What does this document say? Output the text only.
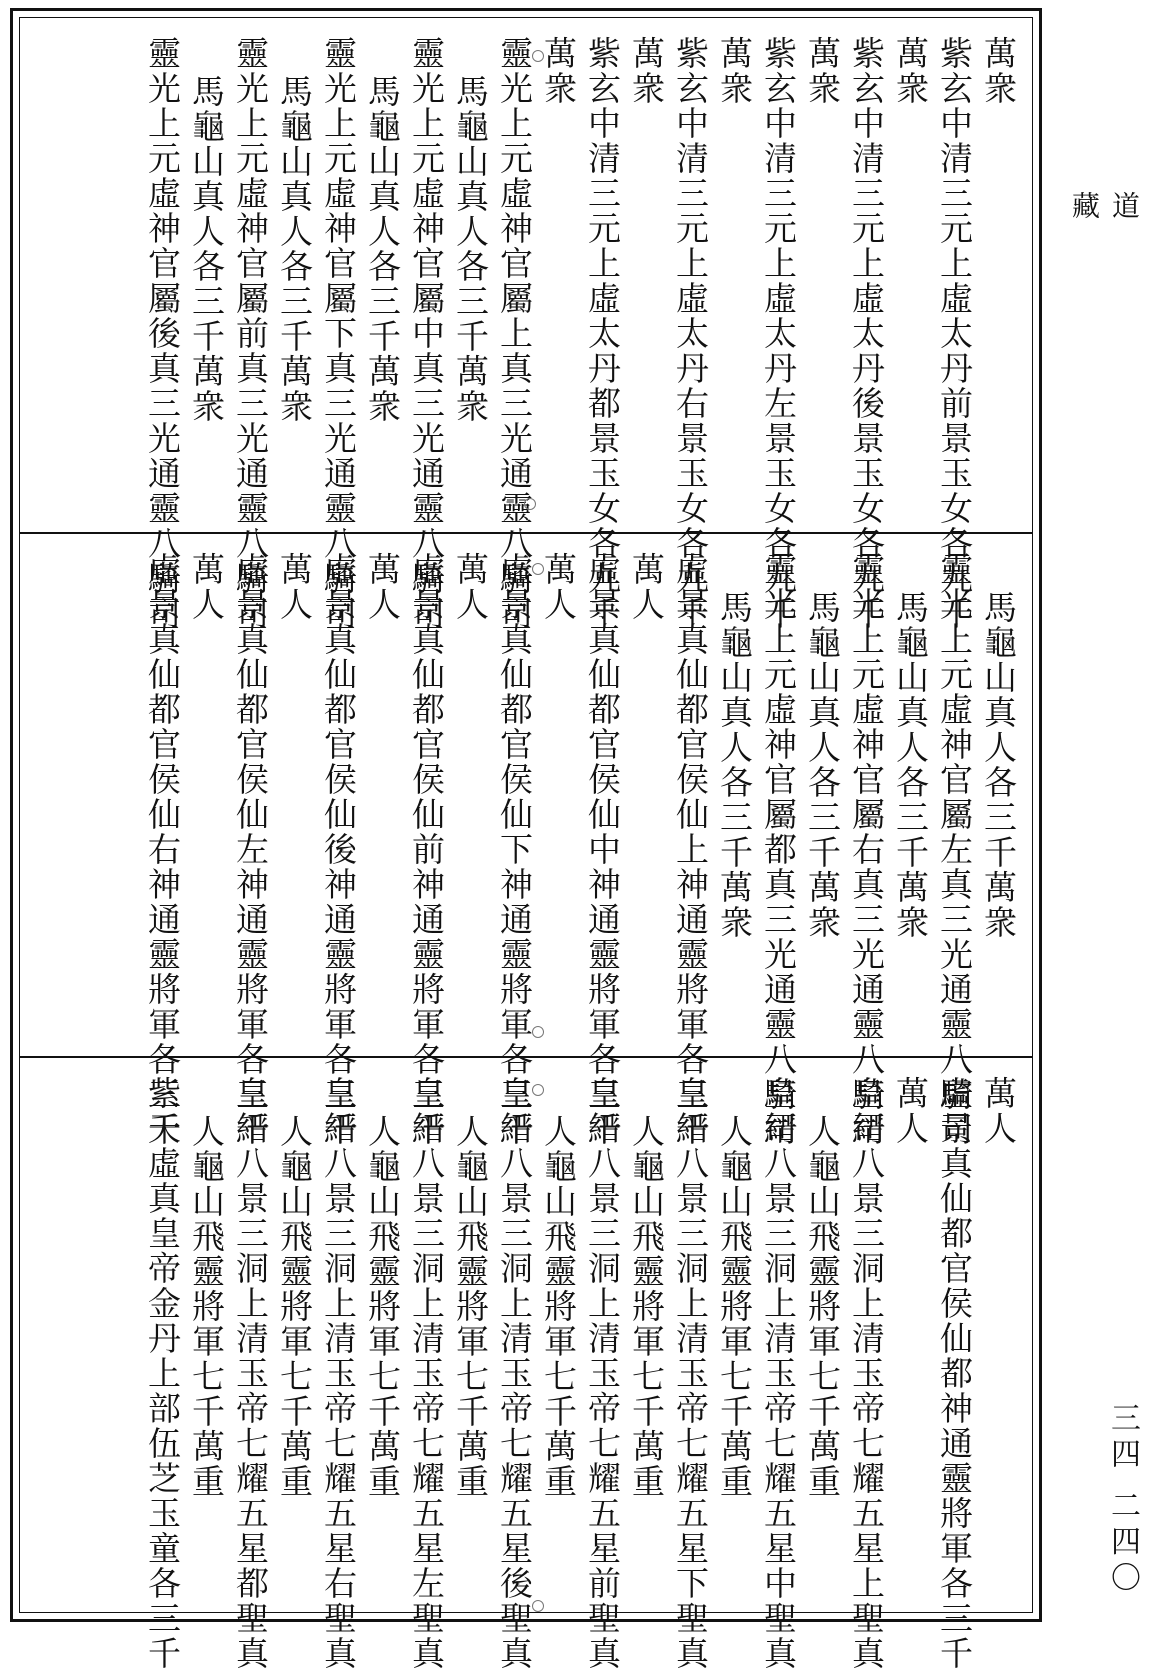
萬衆
紫玄中清三元上虛太丹前景玉女各九千
萬衆
紫玄中清三元上虛太丹後景玉女各九千
萬衆
紫玄中清三元上虛太丹左景玉女各九千
萬衆
紫玄中清三元上虛太丹右景玉女各九千
萬衆
紫玄中清三元上虛太丹都景玉女各九千
萬衆
靈光上元虛神官屬上真三光通靈八騎司
馬龜山真人各三千萬衆
靈光上元虛神官屬中真三光通靈八騎司
馬龜山真人各三千萬衆
靈光上元虛神官屬下真三光通靈八騎司
馬龜山真人各三千萬衆
靈光上元虛神官屬前真三光通靈八騎司
馬龜山真人各三千萬衆
靈光上元虛神官屬後真三光通靈八騎司
馬龜山真人各三千萬衆
靈光上元虛神官屬左真三光通靈八騎司
馬龜山真人各三千萬衆
靈光上元虛神官屬右真三光通靈八騎司
馬龜山真人各三千萬衆
靈光上元虛神官屬都真三光通靈八騎司
馬龜山真人各三千萬衆
虛景真仙都官侯仙上神通靈將軍各三千
萬人
虛景真仙都官侯仙中神通靈將軍各三千
萬人
虛景真仙都官侯仙下神通靈將軍各三千
萬人
虛景真仙都官侯仙前神通靈將軍各三千
萬人
虛景真仙都官侯仙後神通靈將軍各三千
萬人
虛景真仙都官侯仙左神通靈將軍各三千
萬人
虛景真仙都官侯仙右神通靈將軍各三千	萬人
虛景真仙都官侯仙都神通靈將軍各三千
萬人
皇縉八景三洞上清玉帝七耀五星上聖真
人龜山飛靈將軍七千萬重
皇縉八景三洞上清玉帝七耀五星中聖真
人龜山飛靈將軍七千萬重
皇縉八景三洞上清玉帝七耀五星下聖真
人龜山飛靈將軍七千萬重
皇縉八景三洞上清玉帝七耀五星前聖真
人龜山飛靈將軍七千萬重
皇縉八景三洞上清玉帝七耀五星後聖真
人龜山飛靈將軍七千萬重
皇縉八景三洞上清玉帝七耀五星左聖真
人龜山飛靈將軍七千萬重
皇縉八景三洞上清玉帝七耀五星右聖真
人龜山飛靈將軍七千萬重
皇縉八景三洞上清玉帝七耀五星都聖真
人龜山飛靈將軍七千萬重
紫天虛真皇帝金丹上部伍芝玉童各三千
道藏
三四 二四〇
